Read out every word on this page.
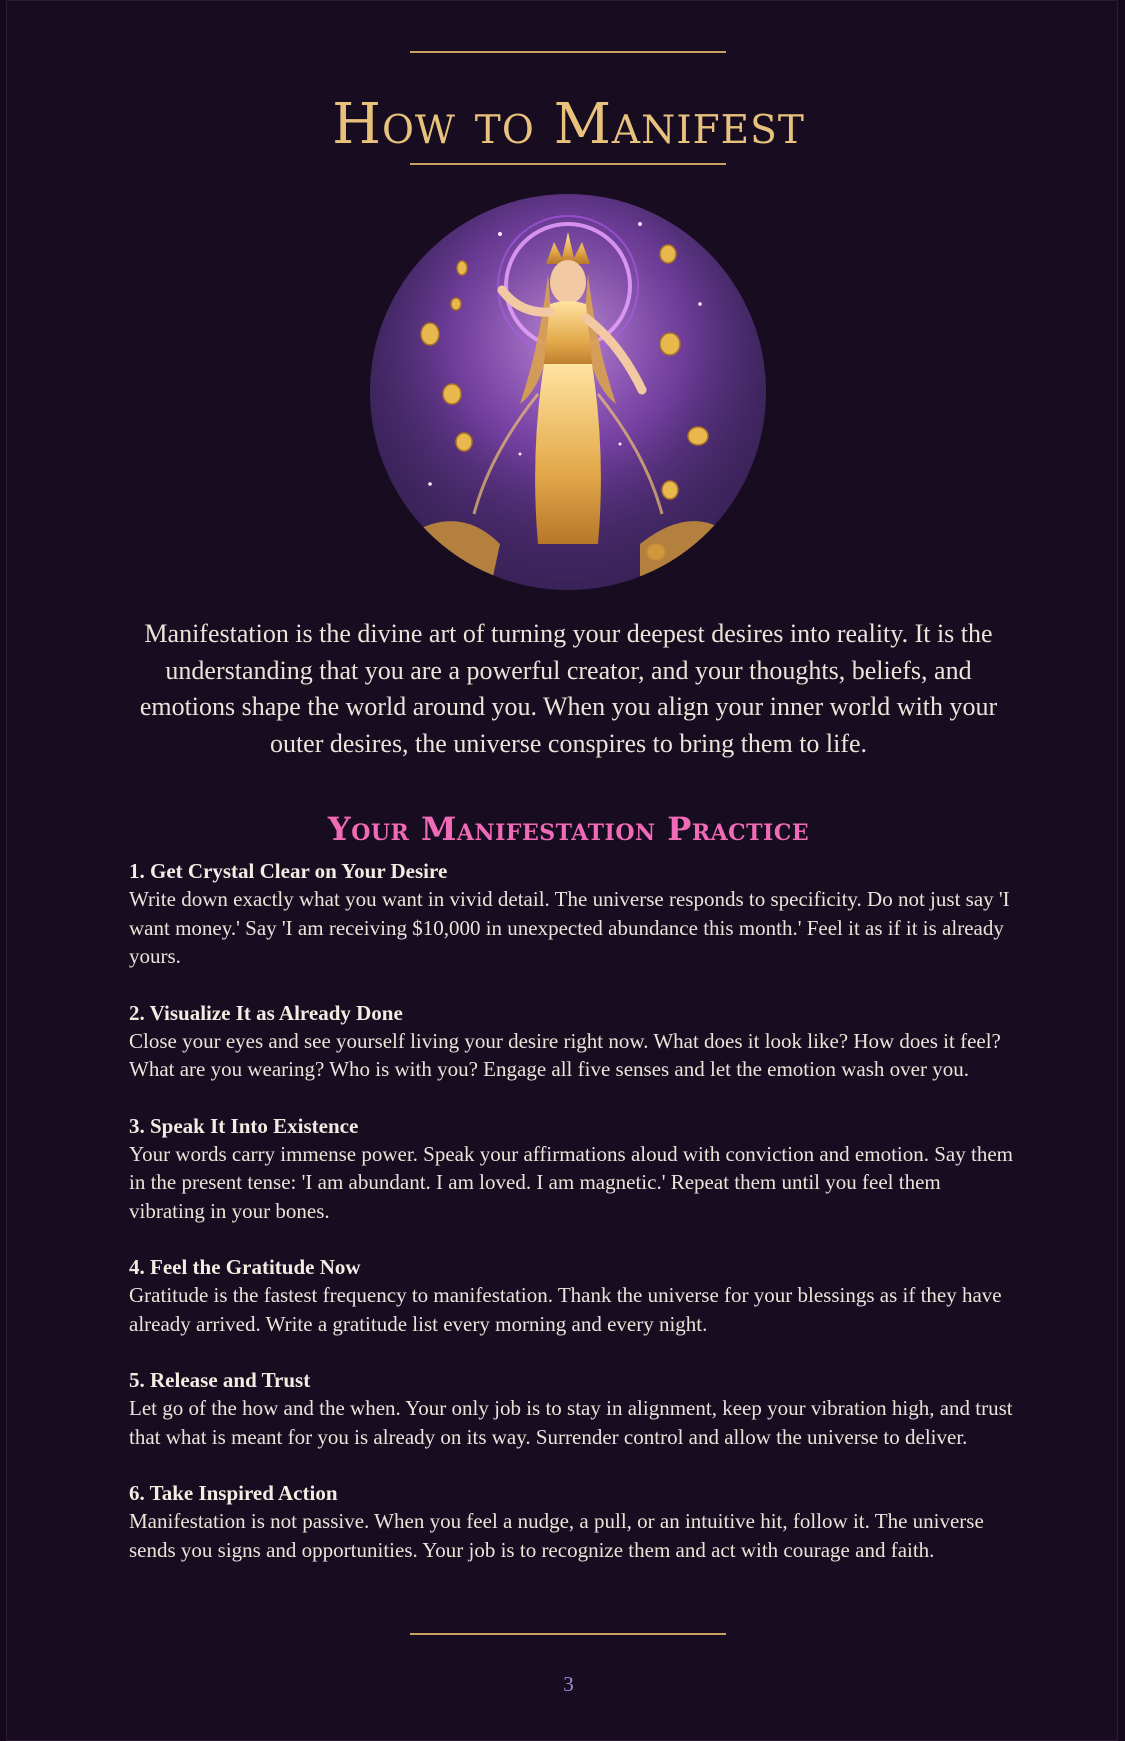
How to Manifest

Manifestation is the divine art of turning your deepest desires into reality. It is the understanding that you are a powerful creator, and your thoughts, beliefs, and emotions shape the world around you. When you align your inner world with your outer desires, the universe conspires to bring them to life.

Your Manifestation Practice

1. Get Crystal Clear on Your Desire

Write down exactly what you want in vivid detail. The universe responds to specificity. Do not just say 'I want money.' Say 'I am receiving $10,000 in unexpected abundance this month.' Feel it as if it is already yours.

2. Visualize It as Already Done

Close your eyes and see yourself living your desire right now. What does it look like? How does it feel? What are you wearing? Who is with you? Engage all five senses and let the emotion wash over you.

3. Speak It Into Existence

Your words carry immense power. Speak your affirmations aloud with conviction and emotion. Say them in the present tense: 'I am abundant. I am loved. I am magnetic.' Repeat them until you feel them vibrating in your bones.

4. Feel the Gratitude Now

Gratitude is the fastest frequency to manifestation. Thank the universe for your blessings as if they have already arrived. Write a gratitude list every morning and every night.

5. Release and Trust

Let go of the how and the when. Your only job is to stay in alignment, keep your vibration high, and trust that what is meant for you is already on its way. Surrender control and allow the universe to deliver.

6. Take Inspired Action

Manifestation is not passive. When you feel a nudge, a pull, or an intuitive hit, follow it. The universe sends you signs and opportunities. Your job is to recognize them and act with courage and faith.

3
